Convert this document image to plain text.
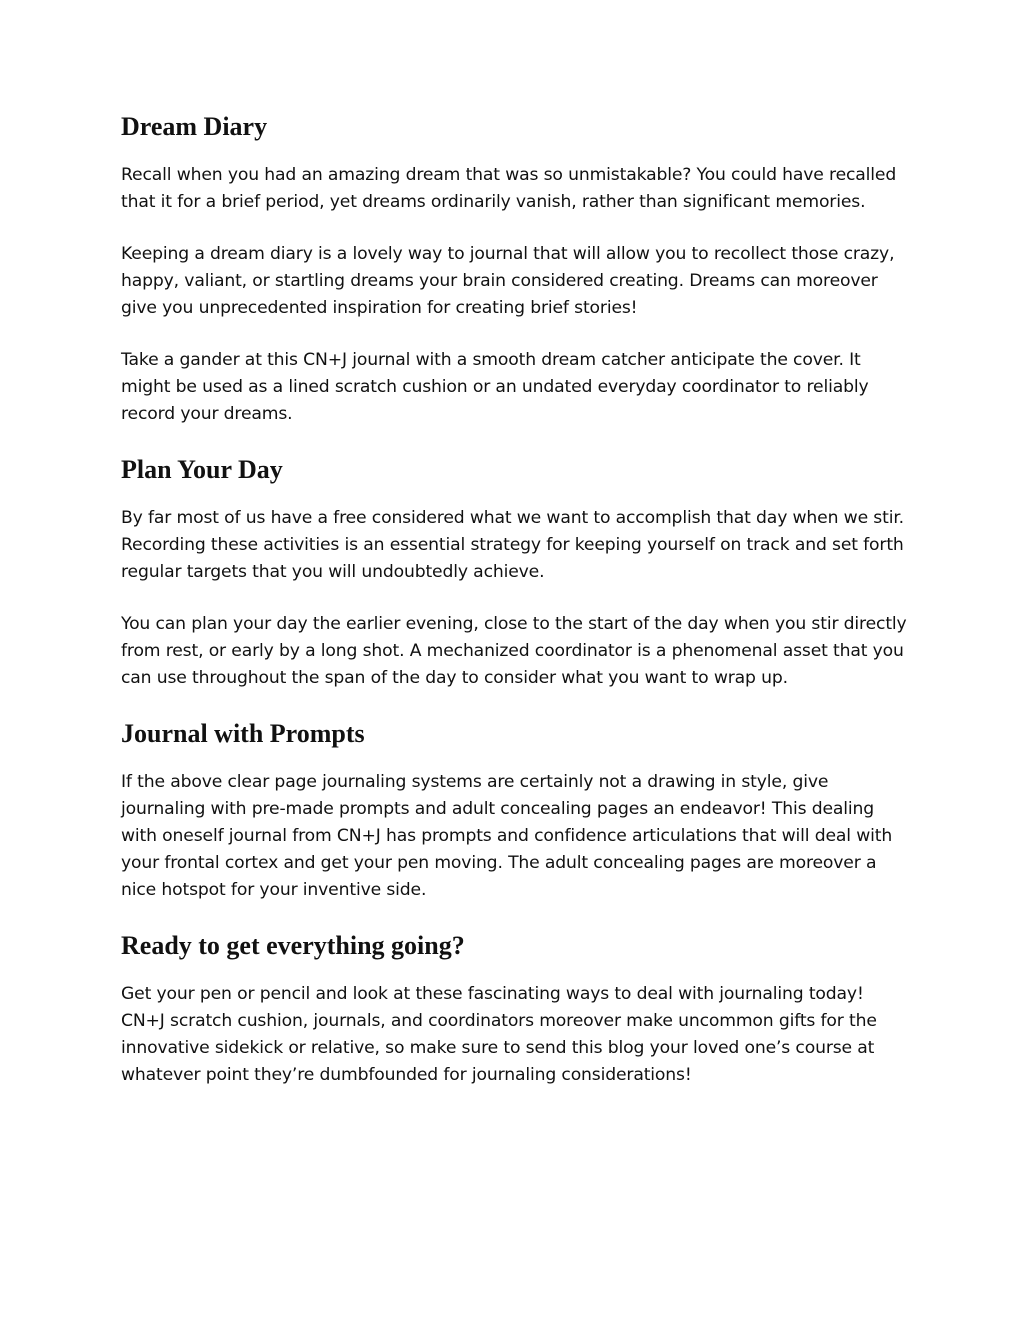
Dream Diary

Recall when you had an amazing dream that was so unmistakable? You could have recalled that it for a brief period, yet dreams ordinarily vanish, rather than significant memories.

Keeping a dream diary is a lovely way to journal that will allow you to recollect those crazy, happy, valiant, or startling dreams your brain considered creating. Dreams can moreover give you unprecedented inspiration for creating brief stories!

Take a gander at this CN+J journal with a smooth dream catcher anticipate the cover. It might be used as a lined scratch cushion or an undated everyday coordinator to reliably record your dreams.

Plan Your Day

By far most of us have a free considered what we want to accomplish that day when we stir. Recording these activities is an essential strategy for keeping yourself on track and set forth regular targets that you will undoubtedly achieve.

You can plan your day the earlier evening, close to the start of the day when you stir directly from rest, or early by a long shot. A mechanized coordinator is a phenomenal asset that you can use throughout the span of the day to consider what you want to wrap up.

Journal with Prompts

If the above clear page journaling systems are certainly not a drawing in style, give journaling with pre-made prompts and adult concealing pages an endeavor! This dealing with oneself journal from CN+J has prompts and confidence articulations that will deal with your frontal cortex and get your pen moving. The adult concealing pages are moreover a nice hotspot for your inventive side.

Ready to get everything going?

Get your pen or pencil and look at these fascinating ways to deal with journaling today! CN+J scratch cushion, journals, and coordinators moreover make uncommon gifts for the innovative sidekick or relative, so make sure to send this blog your loved one’s course at whatever point they’re dumbfounded for journaling considerations!
